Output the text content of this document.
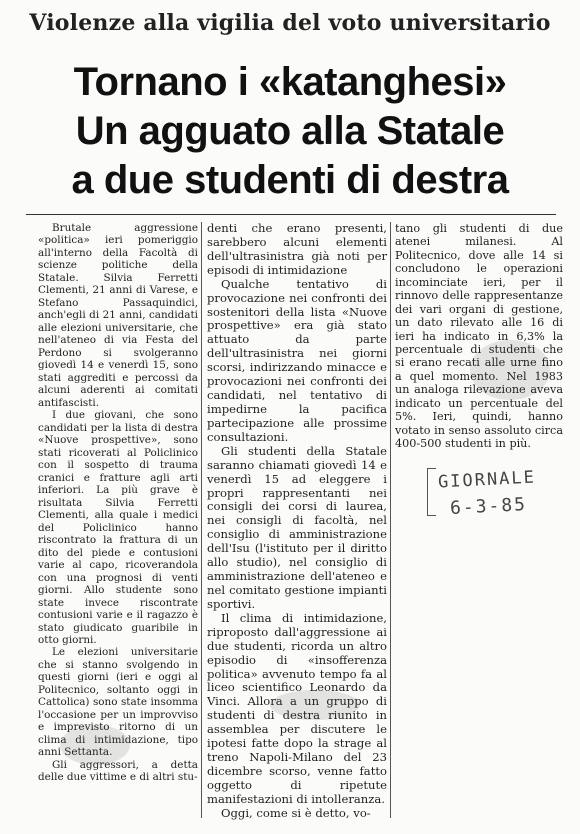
Violenze alla vigilia del voto universitario
Tornano i «katanghesi»
Un agguato alla Statale
a due studenti di destra

Brutale aggressione «politica» ieri pomeriggio all'interno della Facoltà di scienze politiche della Statale. Silvia Ferretti Clementi, 21 anni di Varese, e Stefano Passaquindici, anch'egli di 21 anni, candidati alle elezioni universitarie, che nell'ateneo di via Festa del Perdono si svolgeranno giovedì 14 e venerdì 15, sono stati aggrediti e percossi da alcuni aderenti ai comitati antifascisti.

I due giovani, che sono candidati per la lista di destra «Nuove prospettive», sono stati ricoverati al Policlinico con il sospetto di trauma cranici e fratture agli arti inferiori. La più grave è risultata Silvia Ferretti Clementi, alla quale i medici del Policlinico hanno riscontrato la frattura di un dito del piede e contusioni varie al capo, ricoverandola con una prognosi di venti giorni. Allo studente sono state invece riscontrate contusioni varie e il ragazzo è stato giudicato guaribile in otto giorni.

Le elezioni universitarie che si stanno svolgendo in questi giorni (ieri e oggi al Politecnico, soltanto oggi in Cattolica) sono state insomma l'occasione per un improvviso e imprevisto ritorno di un clima di intimidazione, tipo anni Settanta.

Gli aggressori, a detta delle due vittime e di altri stu-

denti che erano presenti, sarebbero alcuni elementi dell'ultrasinistra già noti per episodi di intimidazione

Qualche tentativo di provocazione nei confronti dei sostenitori della lista «Nuove prospettive» era già stato attuato da parte dell'ultrasinistra nei giorni scorsi, indirizzando minacce e provocazioni nei confronti dei candidati, nel tentativo di impedirne la pacifica partecipazione alle prossime consultazioni.

Gli studenti della Statale saranno chiamati giovedì 14 e venerdì 15 ad eleggere i propri rappresentanti nei consigli dei corsi di laurea, nei consigli di facoltà, nel consiglio di amministrazione dell'Isu (l'istituto per il diritto allo studio), nel consiglio di amministrazione dell'ateneo e nel comitato gestione impianti sportivi.

Il clima di intimidazione, riproposto dall'aggressione ai due studenti, ricorda un altro episodio di «insofferenza politica» avvenuto tempo fa al liceo scientifico Leonardo da Vinci. Allora a un gruppo di studenti di destra riunito in assemblea per discutere le ipotesi fatte dopo la strage al treno Napoli-Milano del 23 dicembre scorso, venne fatto oggetto di ripetute manifestazioni di intolleranza.

Oggi, come si è detto, vo-

tano gli studenti di due atenei milanesi. Al Politecnico, dove alle 14 si concludono le operazioni incominciate ieri, per il rinnovo delle rappresentanze dei vari organi di gestione, un dato rilevato alle 16 di ieri ha indicato in 6,3% la percentuale di studenti che si erano recati alle urne fino a quel momento. Nel 1983 un analoga rilevazione aveva indicato un percentuale del 5%. Ieri, quindi, hanno votato in senso assoluto circa 400-500 studenti in più.

GIORNALE
6-3-85
